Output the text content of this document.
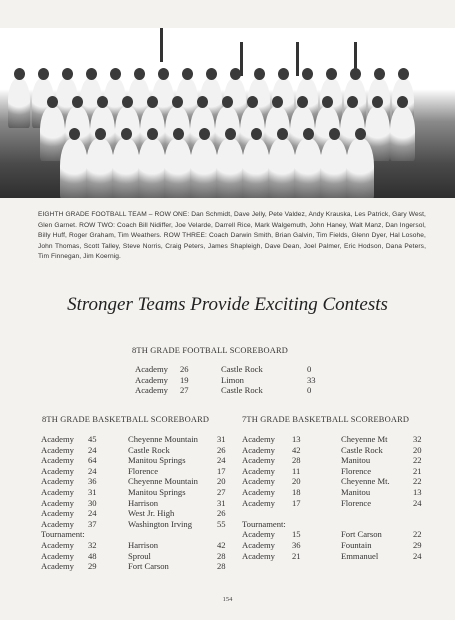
EIGHTH GRADE FOOTBALL TEAM – ROW ONE: Dan Schmidt, Dave Jelly, Pete Valdez, Andy Krauska, Les Patrick, Gary West, Glen Garnet. ROW TWO: Coach Bill Nidiffer, Joe Velarde, Darrell Rice, Mark Walgemuth, John Haney, Walt Manz, Dan Ingersol, Billy Huff, Roger Graham, Tim Weathers. ROW THREE: Coach Darwin Smith, Brian Galvin, Tim Fields, Glenn Dyer, Hal Losohe, John Thomas, Scott Talley, Steve Norris, Craig Peters, James Shapleigh, Dave Dean, Joel Palmer, Eric Hodson, Dana Peters, Tim Finnegan, Jim Koernig.
Stronger Teams Provide Exciting Contests
8TH GRADE FOOTBALL SCOREBOARD
Academy 26	Castle Rock	0
Academy 19	Limon	33
Academy 27	Castle Rock	0
8TH GRADE BASKETBALL SCOREBOARD
Academy 45	Cheyenne Mountain 31
Academy 24	Castle Rock	26
Academy 64	Manitou Springs	24
Academy 24	Florence	17
Academy 36	Cheyenne Mountain 20
Academy 31	Manitou Springs	27
Academy 30	Harrison	31
Academy 24	West Jr. High	26
Academy 37	Washington Irving	55
Tournament:
Academy 32	Harrison	42
Academy 48	Sproul	28
Academy 29	Fort Carson	28
7TH GRADE BASKETBALL SCOREBOARD
Academy 13	Cheyenne Mt	32
Academy 42	Castle Rock	20
Academy 28	Manitou	22
Academy 11	Florence	21
Academy 20	Cheyenne Mt.	22
Academy 18	Manitou	13
Academy 17	Florence	24
Tournament:
Academy 15	Fort Carson	22
Academy 36	Fountain	29
Academy 21	Emmanuel	24
154
